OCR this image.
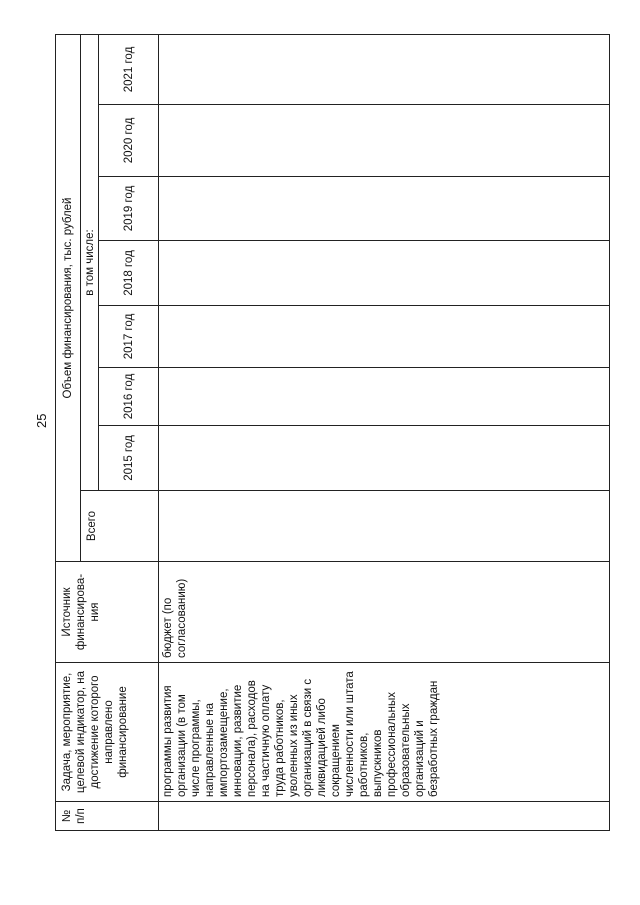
25
№ п/п
Задача, мероприятие, целевой индикатор, на достижение которого направлено финансирование
Источник финансирова-ния
Объем финансирования, тыс. рублей
Всего
в том числе:
2015 год
2016 год
2017 год
2018 год
2019 год
2020 год
2021 год
программы развития организации (в том числе программы, направленные на импортозамещение, инновации, развитие персонала), расходов на частичную оплату труда работников, уволенных из иных организаций в связи с ликвидацией либо сокращением численности или штата работников, выпускников профессиональных образовательных организаций и безработных граждан
бюджет (по согласованию)
